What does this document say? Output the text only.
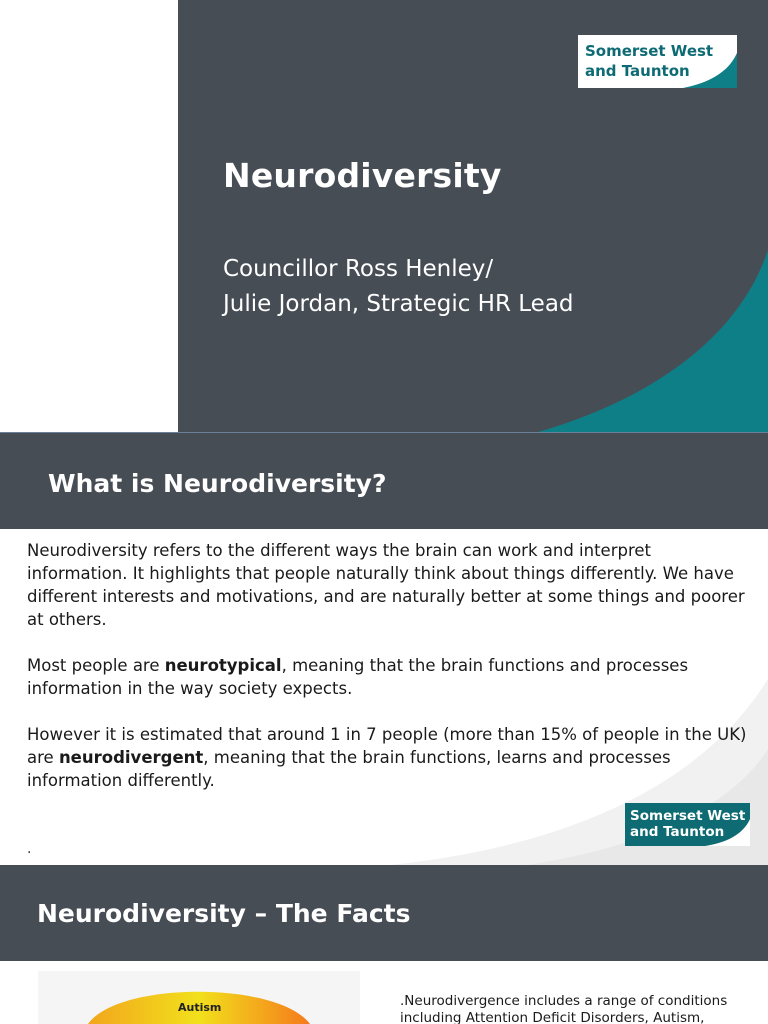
Neurodiversity
Councillor Ross Henley/
Julie Jordan, Strategic HR Lead
Somerset West
and Taunton
What is Neurodiversity?

Neurodiversity refers to the different ways the brain can work and interpret information. It highlights that people naturally think about things differently. We have different interests and motivations, and are naturally better at some things and poorer at others.

Most people are neurotypical, meaning that the brain functions and processes information in the way society expects.

However it is estimated that around 1 in 7 people (more than 15% of people in the UK) are neurodivergent, meaning that the brain functions, learns and processes information differently.

.
Somerset West
and Taunton
Neurodiversity – The Facts
Autism	.Neurodivergence includes a range of conditions
including Attention Deficit Disorders, Autism,
